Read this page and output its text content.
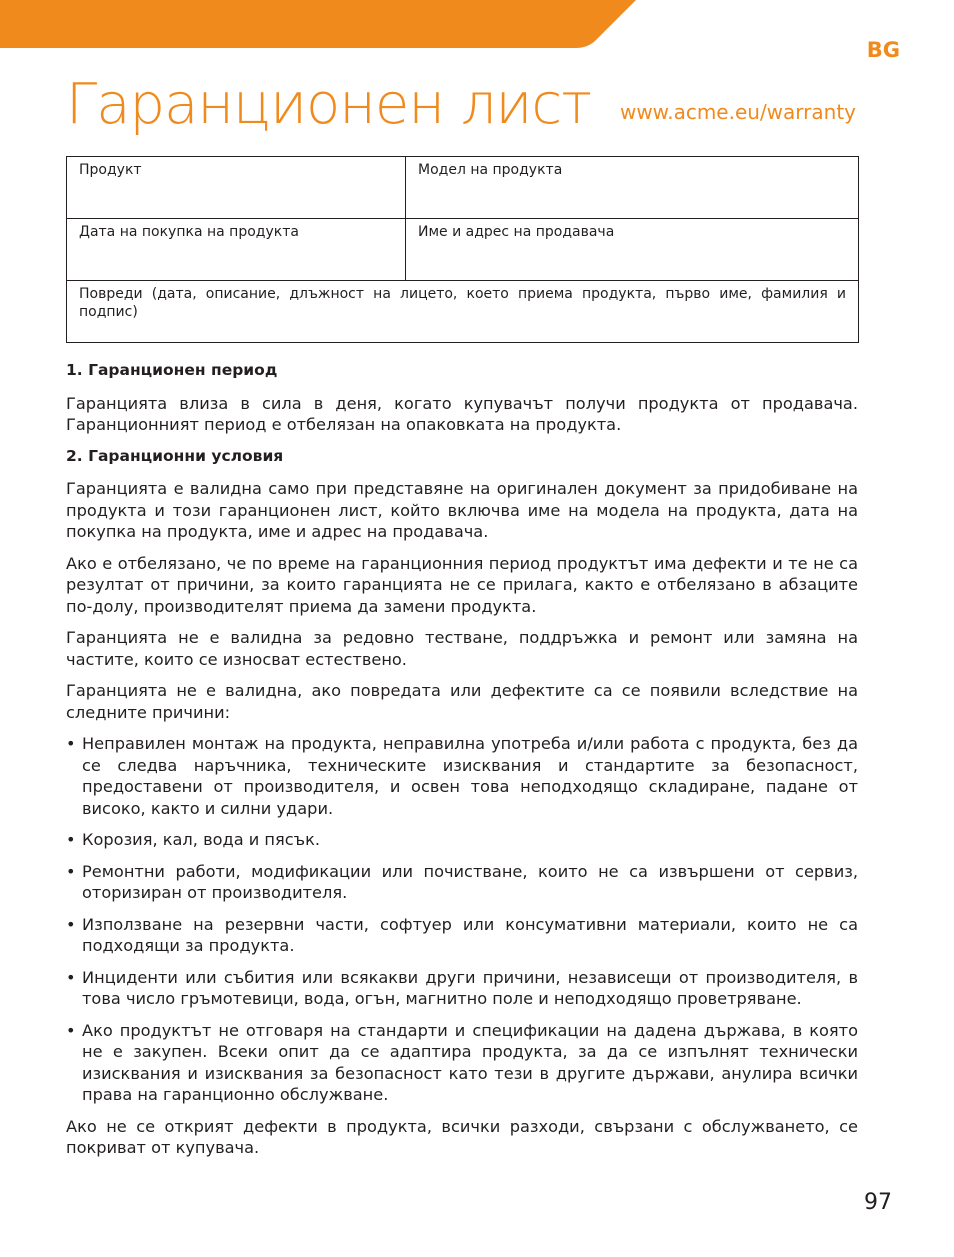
BG
Гаранционен лист www.acme.eu/warranty
Продукт	Модел на продукта
Дата на покупка на продукта	Име и адрес на продавача
Повреди (дата, описание, длъжност на лицето, което приема продукта, първо име, фамилия и подпис)	
1. Гаранционен период

Гаранцията влиза в сила в деня, когато купувачът получи продукта от продавача. Гаранционният период е отбелязан на опаковката на продукта.

2. Гаранционни условия

Гаранцията е валидна само при представяне на оригинален документ за придобиване на продукта и този гаранционен лист, който включва име на модела на продукта, дата на покупка на продукта, име и адрес на продавача.

Ако е отбелязано, че по време на гаранционния период продуктът има дефекти и те не са резултат от причини, за които гаранцията не се прилага, както е отбелязано в абзаците по-долу, производителят приема да замени продукта.

Гаранцията не е валидна за редовно тестване, поддръжка и ремонт или замяна на частите, които се износват естествено.

Гаранцията не е валидна, ако повредата или дефектите са се появили вследствие на следните причини:

• Неправилен монтаж на продукта, неправилна употреба и/или работа с продукта, без да се следва наръчника, техническите изисквания и стандартите за безопасност, предоставени от производителя, и освен това неподходящо складиране, падане от високо, както и силни удари.
• Корозия, кал, вода и пясък.
• Ремонтни работи, модификации или почистване, които не са извършени от сервиз, оторизиран от производителя.
• Използване на резервни части, софтуер или консумативни материали, които не са подходящи за продукта.
• Инциденти или събития или всякакви други причини, независещи от производителя, в това число гръмотевици, вода, огън, магнитно поле и неподходящо проветряване.
• Ако продуктът не отговаря на стандарти и спецификации на дадена държава, в която не е закупен. Всеки опит да се адаптира продукта, за да се изпълнят технически изисквания и изисквания за безопасност като тези в другите държави, анулира всички права на гаранционно обслужване.

Ако не се открият дефекти в продукта, всички разходи, свързани с обслужването, се покриват от купувача.

97
